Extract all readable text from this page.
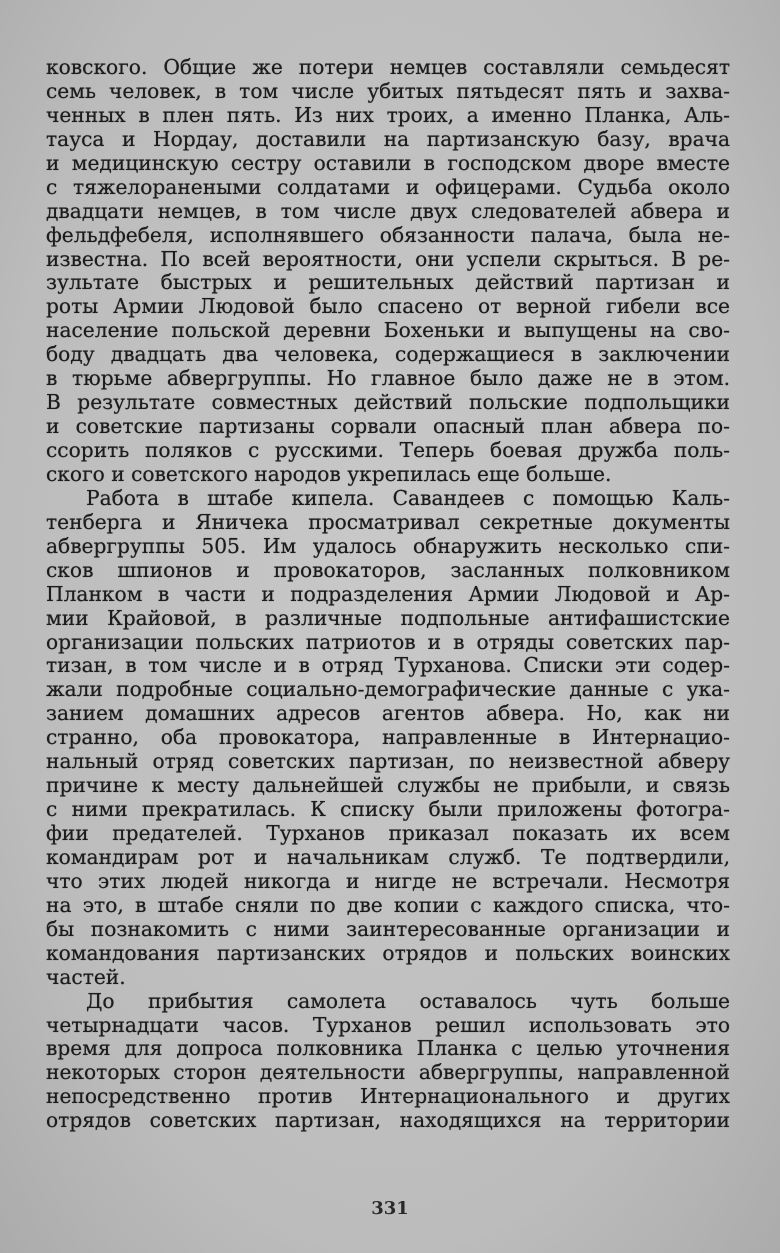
ковского. Общие же потери немцев составляли семьдесят
семь человек, в том числе убитых пятьдесят пять и захва-
ченных в плен пять. Из них троих, а именно Планка, Аль-
тауса и Нордау, доставили на партизанскую базу, врача
и медицинскую сестру оставили в господском дворе вместе
с тяжелоранеными солдатами и офицерами. Судьба около
двадцати немцев, в том числе двух следователей абвера и
фельдфебеля, исполнявшего обязанности палача, была не-
известна. По всей вероятности, они успели скрыться. В ре-
зультате быстрых и решительных действий партизан и
роты Армии Людовой было спасено от верной гибели все
население польской деревни Бохеньки и выпущены на сво-
боду двадцать два человека, содержащиеся в заключении
в тюрьме абвергруппы. Но главное было даже не в этом.
В результате совместных действий польские подпольщики
и советские партизаны сорвали опасный план абвера по-
ссорить поляков с русскими. Теперь боевая дружба поль-
ского и советского народов укрепилась еще больше.
Работа в штабе кипела. Савандеев с помощью Каль-
тенберга и Яничека просматривал секретные документы
абвергруппы 505. Им удалось обнаружить несколько спи-
сков шпионов и провокаторов, засланных полковником
Планком в части и подразделения Армии Людовой и Ар-
мии Крайовой, в различные подпольные антифашистские
организации польских патриотов и в отряды советских пар-
тизан, в том числе и в отряд Турханова. Списки эти содер-
жали подробные социально-демографические данные с ука-
занием домашних адресов агентов абвера. Но, как ни
странно, оба провокатора, направленные в Интернацио-
нальный отряд советских партизан, по неизвестной абверу
причине к месту дальнейшей службы не прибыли, и связь
с ними прекратилась. К списку были приложены фотогра-
фии предателей. Турханов приказал показать их всем
командирам рот и начальникам служб. Те подтвердили,
что этих людей никогда и нигде не встречали. Несмотря
на это, в штабе сняли по две копии с каждого списка, что-
бы познакомить с ними заинтересованные организации и
командования партизанских отрядов и польских воинских
частей.
До прибытия самолета оставалось чуть больше
четырнадцати часов. Турханов решил использовать это
время для допроса полковника Планка с целью уточнения
некоторых сторон деятельности абвергруппы, направленной
непосредственно против Интернационального и других
отрядов советских партизан, находящихся на территории
331
